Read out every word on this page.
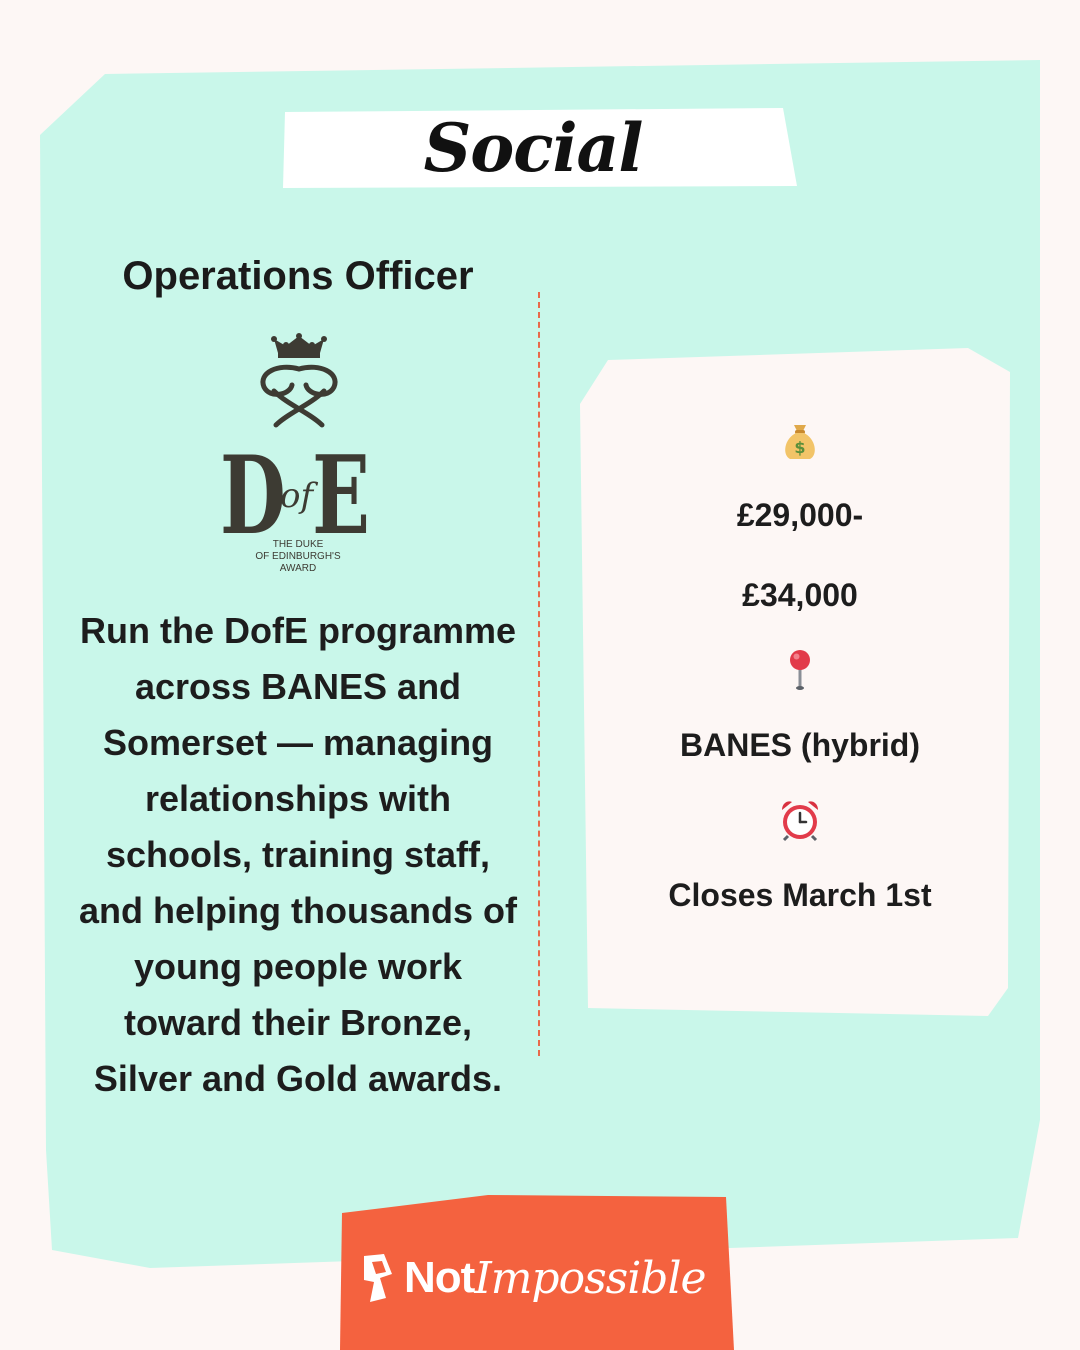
Social
Operations Officer
D E
of
THE DUKE
OF EDINBURGH'S
AWARD
Run the DofE programme across BANES and Somerset — managing relationships with schools, training staff, and helping thousands of young people work toward their Bronze, Silver and Gold awards.
$
£29,000-
£34,000
BANES (hybrid)
Closes March 1st
Not Impossible
